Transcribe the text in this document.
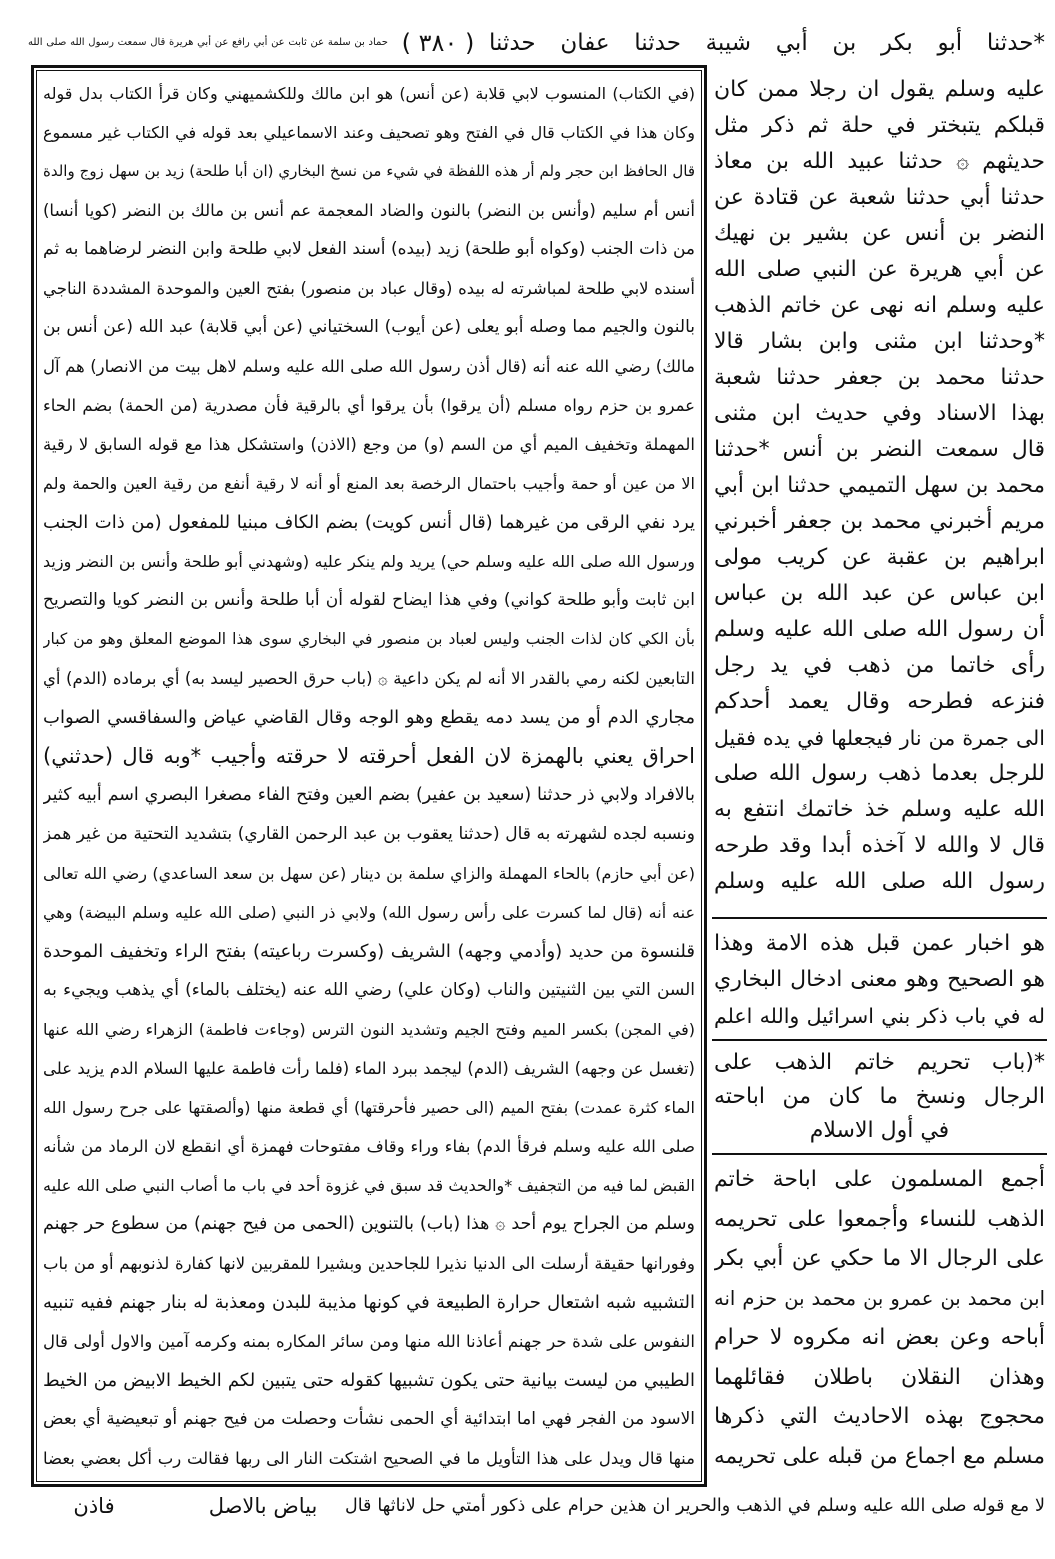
*حدثنا أبو بكر بن أبي شيبة حدثنا عفان حدثنا
( ٣٨٠ )
حماد بن سلمة عن ثابت عن أبي رافع عن أبي هريرة قال سمعت رسول الله صلى الله
(في الكتاب) المنسوب لابي قلابة (عن أنس) هو ابن مالك وللكشميهني وكان قرأ الكتاب بدل قوله
وكان هذا في الكتاب قال في الفتح وهو تصحيف وعند الاسماعيلي بعد قوله في الكتاب غير مسموع
قال الحافظ ابن حجر ولم أر هذه اللفظة في شيء من نسخ البخاري (ان أبا طلحة) زيد بن سهل زوج والدة
أنس أم سليم (وأنس بن النضر) بالنون والضاد المعجمة عم أنس بن مالك بن النضر (كويا أنسا)
من ذات الجنب (وكواه أبو طلحة) زيد (بيده) أسند الفعل لابي طلحة وابن النضر لرضاهما به ثم
أسنده لابي طلحة لمباشرته له بيده (وقال عباد بن منصور) بفتح العين والموحدة المشددة الناجي
بالنون والجيم مما وصله أبو يعلى (عن أيوب) السختياني (عن أبي قلابة) عبد الله (عن أنس بن
مالك) رضي الله عنه أنه (قال أذن رسول الله صلى الله عليه وسلم لاهل بيت من الانصار) هم آل
عمرو بن حزم رواه مسلم (أن يرقوا) بأن يرقوا أي بالرقية فأن مصدرية (من الحمة) بضم الحاء
المهملة وتخفيف الميم أي من السم (و) من وجع (الاذن) واستشكل هذا مع قوله السابق لا رقية
الا من عين أو حمة وأجيب باحتمال الرخصة بعد المنع أو أنه لا رقية أنفع من رقية العين والحمة ولم
يرد نفي الرقى من غيرهما (قال أنس كويت) بضم الكاف مبنيا للمفعول (من ذات الجنب
ورسول الله صلى الله عليه وسلم حي) يريد ولم ينكر عليه (وشهدني أبو طلحة وأنس بن النضر وزيد
ابن ثابت وأبو طلحة كواني) وفي هذا ايضاح لقوله أن أبا طلحة وأنس بن النضر كويا والتصريح
بأن الكي كان لذات الجنب وليس لعباد بن منصور في البخاري سوى هذا الموضع المعلق وهو من كبار
التابعين لكنه رمي بالقدر الا أنه لم يكن داعية ۞ (باب حرق الحصير ليسد به) أي برماده (الدم) أي
مجاري الدم أو من يسد دمه يقطع وهو الوجه وقال القاضي عياض والسفاقسي الصواب
احراق يعني بالهمزة لان الفعل أحرقته لا حرقته وأجيب *وبه قال (حدثني)
بالافراد ولابي ذر حدثنا (سعيد بن عفير) بضم العين وفتح الفاء مصغرا البصري اسم أبيه كثير
ونسبه لجده لشهرته به قال (حدثنا يعقوب بن عبد الرحمن القاري) بتشديد التحتية من غير همز
(عن أبي حازم) بالحاء المهملة والزاي سلمة بن دينار (عن سهل بن سعد الساعدي) رضي الله تعالى
عنه أنه (قال لما كسرت على رأس رسول الله) ولابي ذر النبي (صلى الله عليه وسلم البيضة) وهي
قلنسوة من حديد (وأدمي وجهه) الشريف (وكسرت رباعيته) بفتح الراء وتخفيف الموحدة
السن التي بين الثنيتين والناب (وكان علي) رضي الله عنه (يختلف بالماء) أي يذهب ويجيء به
(في المجن) بكسر الميم وفتح الجيم وتشديد النون الترس (وجاءت فاطمة) الزهراء رضي الله عنها
(تغسل عن وجهه) الشريف (الدم) ليجمد ببرد الماء (فلما رأت فاطمة عليها السلام الدم يزيد على
الماء كثرة عمدت) بفتح الميم (الى حصير فأحرقتها) أي قطعة منها (وألصقتها على جرح رسول الله
صلى الله عليه وسلم فرقأ الدم) بفاء وراء وقاف مفتوحات فهمزة أي انقطع لان الرماد من شأنه
القبض لما فيه من التجفيف *والحديث قد سبق في غزوة أحد في باب ما أصاب النبي صلى الله عليه
وسلم من الجراح يوم أحد ۞ هذا (باب) بالتنوين (الحمى من فيح جهنم) من سطوع حر جهنم
وفورانها حقيقة أرسلت الى الدنيا نذيرا للجاحدين وبشيرا للمقربين لانها كفارة لذنوبهم أو من باب
التشبيه شبه اشتعال حرارة الطبيعة في كونها مذيبة للبدن ومعذبة له بنار جهنم ففيه تنبيه
النفوس على شدة حر جهنم أعاذنا الله منها ومن سائر المكاره بمنه وكرمه آمين والاول أولى قال
الطيبي من ليست بيانية حتى يكون تشبيها كقوله حتى يتبين لكم الخيط الابيض من الخيط
الاسود من الفجر فهي اما ابتدائية أي الحمى نشأت وحصلت من فيح جهنم أو تبعيضية أي بعض
منها قال ويدل على هذا التأويل ما في الصحيح اشتكت النار الى ربها فقالت رب أكل بعضي بعضا
عليه وسلم يقول ان رجلا ممن كان
قبلكم يتبختر في حلة ثم ذكر مثل
حديثهم ۞ حدثنا عبيد الله بن معاذ
حدثنا أبي حدثنا شعبة عن قتادة عن
النضر بن أنس عن بشير بن نهيك
عن أبي هريرة عن النبي صلى الله
عليه وسلم انه نهى عن خاتم الذهب
*وحدثنا ابن مثنى وابن بشار قالا
حدثنا محمد بن جعفر حدثنا شعبة
بهذا الاسناد وفي حديث ابن مثنى
قال سمعت النضر بن أنس *حدثنا
محمد بن سهل التميمي حدثنا ابن أبي
مريم أخبرني محمد بن جعفر أخبرني
ابراهيم بن عقبة عن كريب مولى
ابن عباس عن عبد الله بن عباس
أن رسول الله صلى الله عليه وسلم
رأى خاتما من ذهب في يد رجل
فنزعه فطرحه وقال يعمد أحدكم
الى جمرة من نار فيجعلها في يده فقيل
للرجل بعدما ذهب رسول الله صلى
الله عليه وسلم خذ خاتمك انتفع به
قال لا والله لا آخذه أبدا وقد طرحه
رسول الله صلى الله عليه وسلم
هو اخبار عمن قبل هذه الامة وهذا
هو الصحيح وهو معنى ادخال البخاري
له في باب ذكر بني اسرائيل والله اعلم
*(باب تحريم خاتم الذهب على
الرجال ونسخ ما كان من اباحته
في أول الاسلام
أجمع المسلمون على اباحة خاتم
الذهب للنساء وأجمعوا على تحريمه
على الرجال الا ما حكي عن أبي بكر
ابن محمد بن عمرو بن محمد بن حزم انه
أباحه وعن بعض انه مكروه لا حرام
وهذان النقلان باطلان فقائلهما
محجوج بهذه الاحاديث التي ذكرها
مسلم مع اجماع من قبله على تحريمه
لا مع قوله صلى الله عليه وسلم في الذهب والحرير ان هذين حرام على ذكور أمتي حل لاناثها قال
بياض بالاصل
فاذن
